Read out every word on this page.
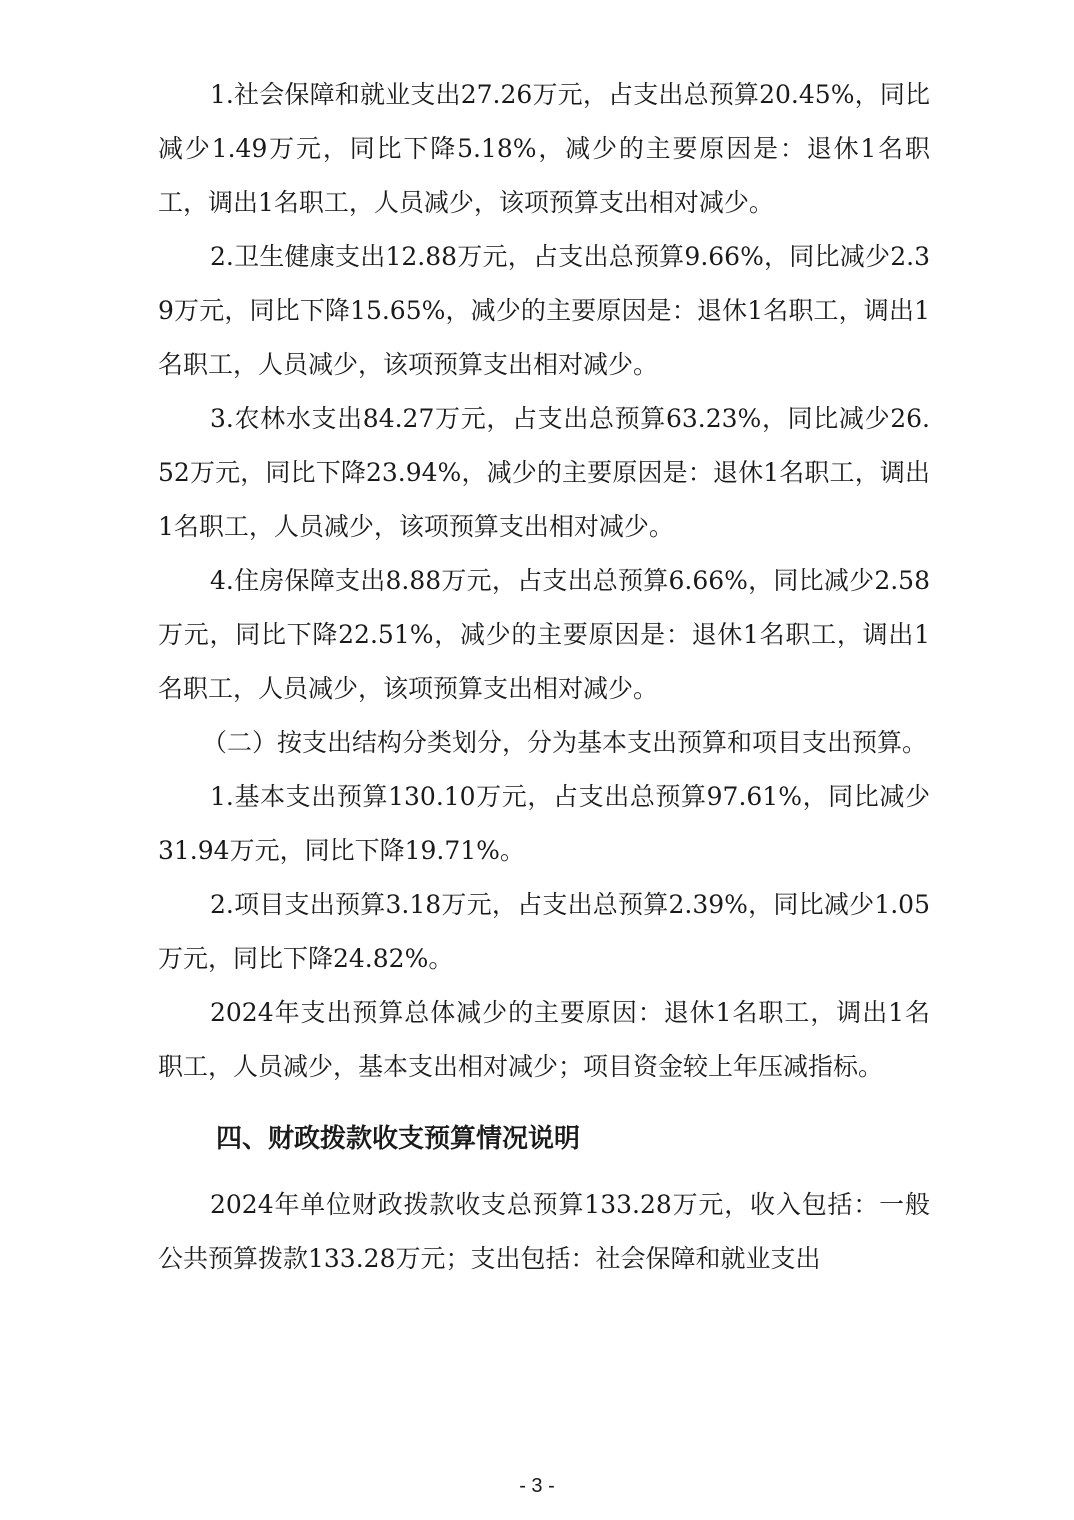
1.社会保障和就业支出27.26万元，占支出总预算20.45%，同比减少1.49万元，同比下降5.18%，减少的主要原因是：退休1名职工，调出1名职工，人员减少，该项预算支出相对减少。

2.卫生健康支出12.88万元，占支出总预算9.66%，同比减少2.39万元，同比下降15.65%，减少的主要原因是：退休1名职工，调出1名职工，人员减少，该项预算支出相对减少。

3.农林水支出84.27万元，占支出总预算63.23%，同比减少26.52万元，同比下降23.94%，减少的主要原因是：退休1名职工，调出1名职工，人员减少，该项预算支出相对减少。

4.住房保障支出8.88万元，占支出总预算6.66%，同比减少2.58万元，同比下降22.51%，减少的主要原因是：退休1名职工，调出1名职工，人员减少，该项预算支出相对减少。

（二）按支出结构分类划分，分为基本支出预算和项目支出预算。

1.基本支出预算130.10万元，占支出总预算97.61%，同比减少31.94万元，同比下降19.71%。

2.项目支出预算3.18万元，占支出总预算2.39%，同比减少1.05万元，同比下降24.82%。

2024年支出预算总体减少的主要原因：退休1名职工，调出1名职工，人员减少，基本支出相对减少；项目资金较上年压减指标。

四、财政拨款收支预算情况说明

2024年单位财政拨款收支总预算133.28万元，收入包括：一般公共预算拨款133.28万元；支出包括：社会保障和就业支出

- 3 -
